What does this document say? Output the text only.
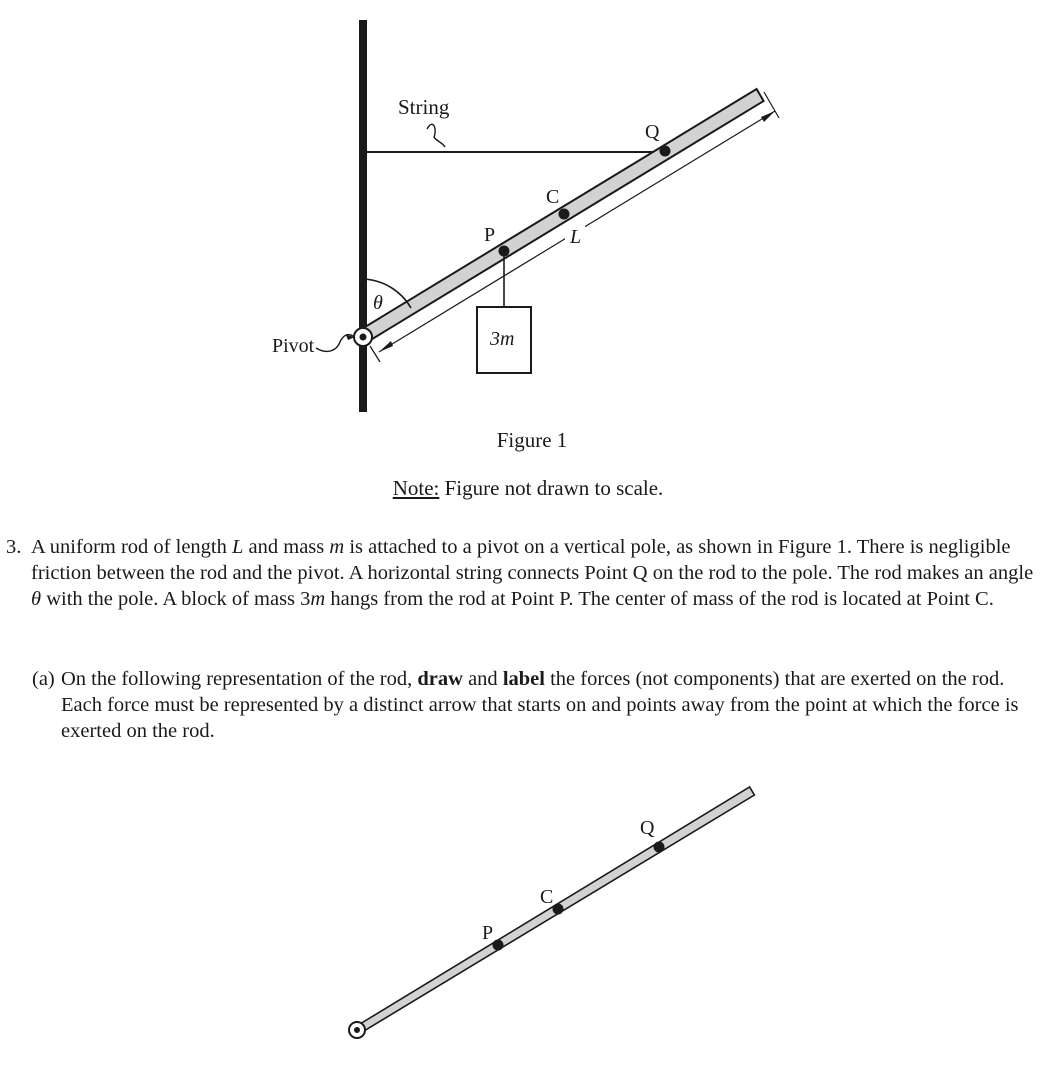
String
θ
Pivot
P
C
Q
3m
L
Figure 1
Note: Figure not drawn to scale.
3. A uniform rod of length L and mass m is attached to a pivot on a vertical pole, as shown in Figure 1. There is negligible friction between the rod and the pivot. A horizontal string connects Point Q on the rod to the pole. The rod makes an angle θ with the pole. A block of mass 3m hangs from the rod at Point P. The center of mass of the rod is located at Point C.
(a) On the following representation of the rod, draw and label the forces (not components) that are exerted on the rod. Each force must be represented by a distinct arrow that starts on and points away from the point at which the force is exerted on the rod.
P
C
Q
